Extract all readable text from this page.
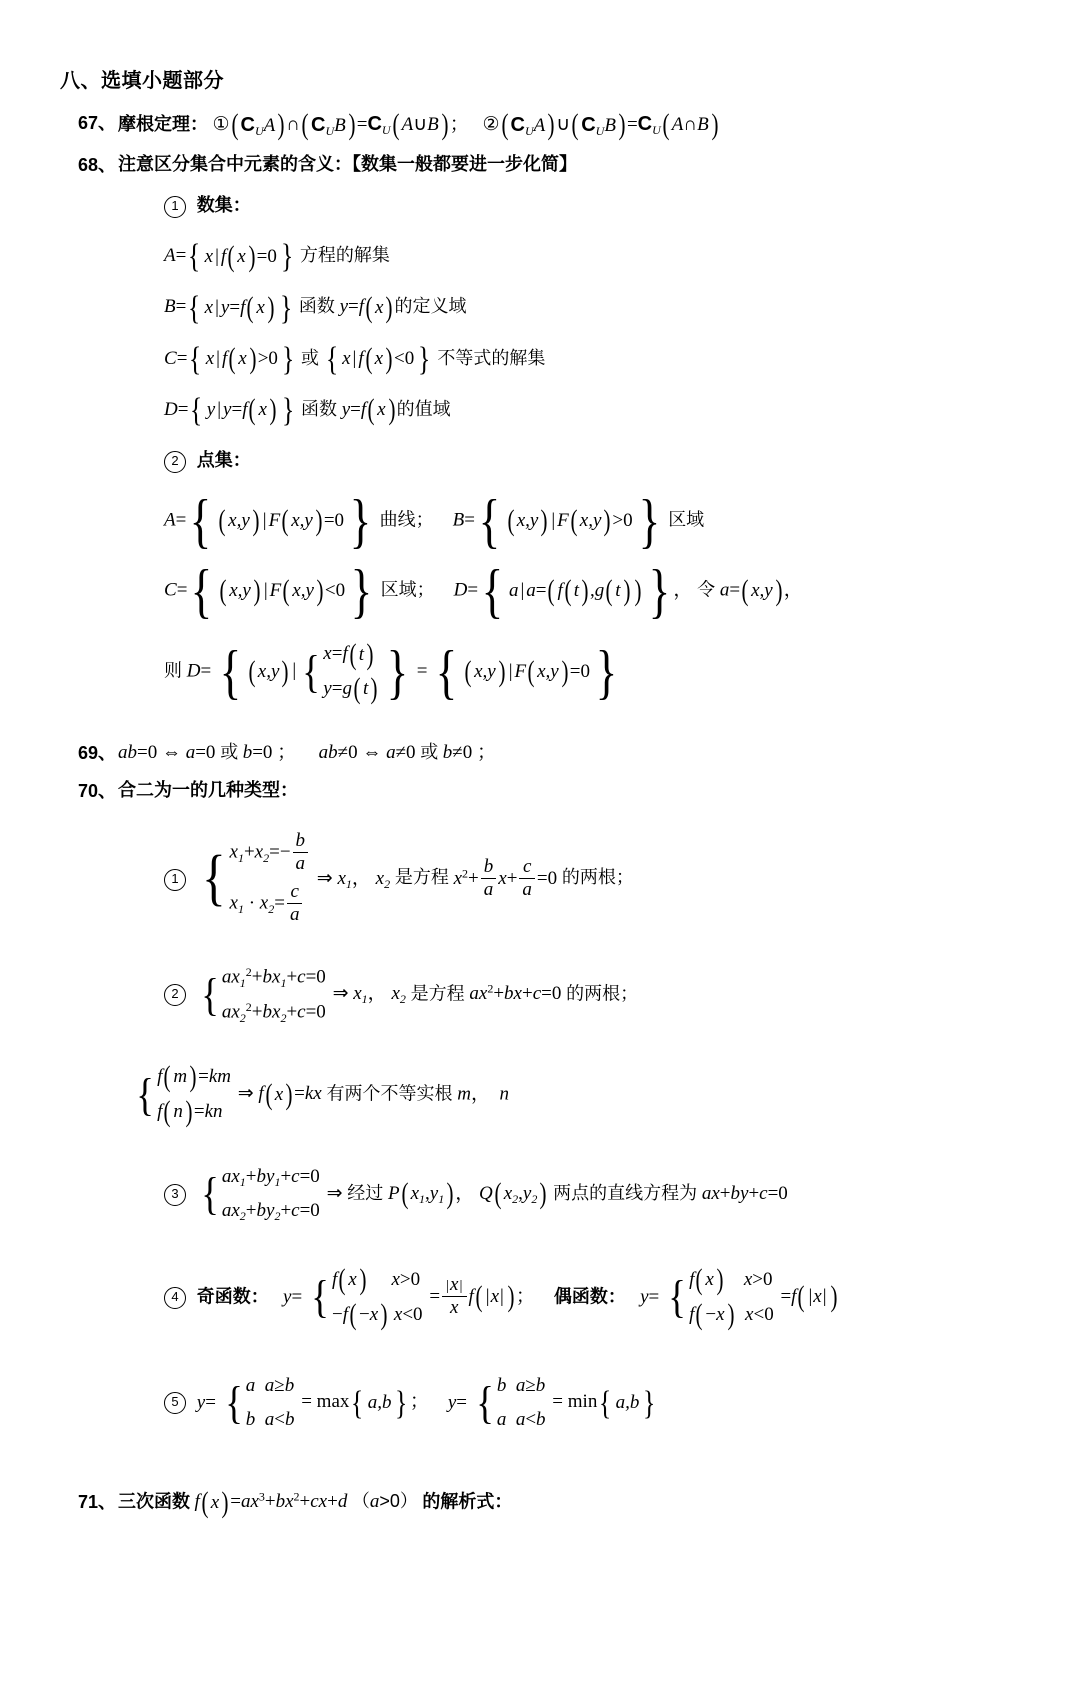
八、选填小题部分
67、 摩根定理： ① ( $C_UA$ ) ∩ ( $C_UB$ ) $=C_U$ ( A∪B ) ； ② ( $C_UA$ ) ∪ ( $C_UB$ ) $=C_U$ ( A∩B )
68、 注意区分集合中元素的含义：【数集一般都要进一步化简】
1 数集：
A= { x | f ( x ) =0 } 方程的解集
B= { x | y=f ( x ) } 函数 y=f ( x ) 的定义域
C= { x | f ( x ) >0 } 或 { x | f ( x ) <0 } 不等式的解集
D= { y | y=f ( x ) } 函数 y=f ( x ) 的值域
2 点集：
A= { ( x,y ) | F ( x,y ) =0 } 曲线； B= { ( x,y ) | F ( x,y ) >0 } 区域
C= { ( x,y ) | F ( x,y ) <0 } 区域； D= { a | a= ( f ( t ) ,g ( t ) ) } ， 令 a= ( x,y ) ，
则 D= { ( x,y ) | { x=f ( t )
y=g ( t ) } = { ( x,y ) | F ( x,y ) =0 }
69、 ab=0 ⇔ a=0 或 b=0 ； ab≠0 ⇔ a≠0 或 b≠0 ；
70、 合二为一的几种类型：
1 { $x_1+x_2=- \frac{b}{a}$
$x_1 \cdot x_2= \frac{c}{a}$
⇒ $x_1$， $x_2$ 是方程 $x^2+ \frac{b}{a} x+ \frac{c}{a} =0$ 的两根；
2 { $ax_1^2+bx_1+c=0$
$ax_2^2+bx_2+c=0$
⇒ $x_1$， $x_2$ 是方程 $ax^2+bx+c=0$ 的两根；
{ f ( m ) =km
f ( n ) =kn
⇒ f ( x ) =kx 有两个不等实根 m， n
3 { $ax_1+by_1+c=0$
$ax_2+by_2+c=0$
⇒ 经过 P ( $x_1,y_1$ ) ， Q ( $x_2,y_2$ ) 两点的直线方程为 ax+by+c=0
4 奇函数： y= { f ( x ) x>0
−f ( −x ) x<0
= $\frac{|x|}{x}$ f ( |x| ) ； 偶函数： y= { f ( x ) x>0
f ( −x ) x<0
=f ( |x| )
5 y= { a a≥b
b a<b
= max { a,b } ； y= { b a≥b
a a<b
= min { a,b }
71、 三次函数 f ( x ) $=ax^3+bx^2+cx+d$ （a>0） 的解析式：
